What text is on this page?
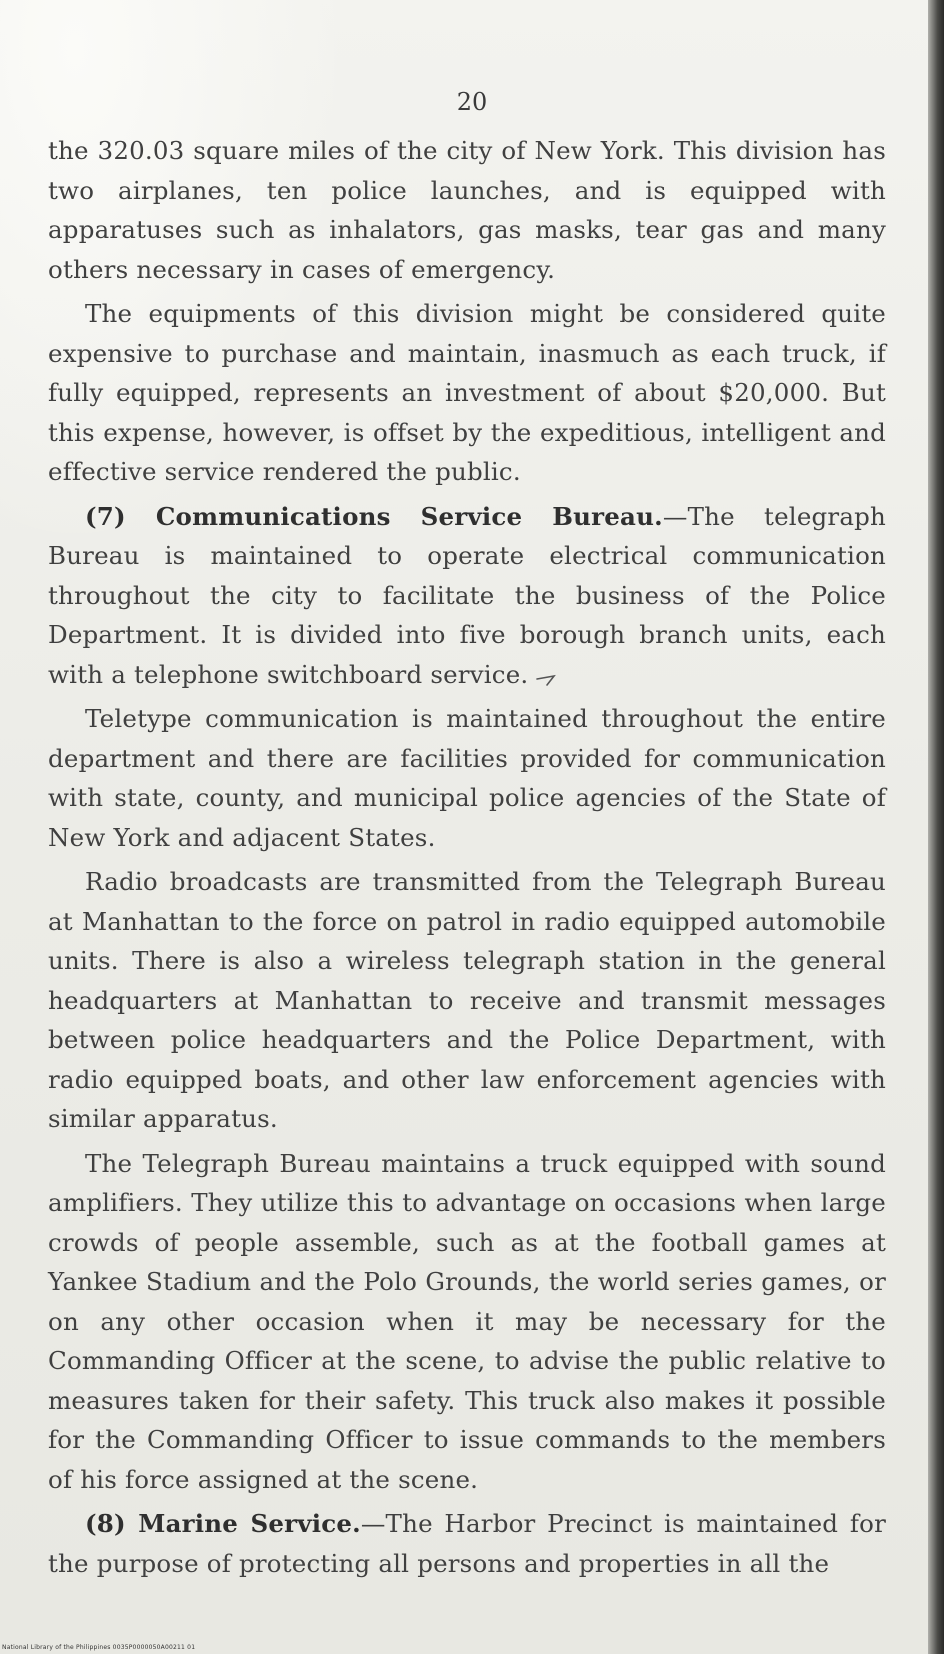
20

the 320.03 square miles of the city of New York. This division has two airplanes, ten police launches, and is equipped with apparatuses such as inhalators, gas masks, tear gas and many others necessary in cases of emergency.

The equipments of this division might be considered quite expensive to purchase and maintain, inasmuch as each truck, if fully equipped, represents an investment of about $20,000. But this expense, however, is offset by the expeditious, intelligent and effective service rendered the public.

(7) Communications Service Bureau.—The telegraph Bureau is maintained to operate electrical communication throughout the city to facilitate the business of the Police Department. It is divided into five borough branch units, each with a telephone switchboard service.

Teletype communication is maintained throughout the entire department and there are facilities provided for communication with state, county, and municipal police agencies of the State of New York and adjacent States.

Radio broadcasts are transmitted from the Telegraph Bureau at Manhattan to the force on patrol in radio equipped automobile units. There is also a wireless telegraph station in the general headquarters at Manhattan to receive and transmit messages between police headquarters and the Police Department, with radio equipped boats, and other law enforcement agencies with similar apparatus.

The Telegraph Bureau maintains a truck equipped with sound amplifiers. They utilize this to advantage on occasions when large crowds of people assemble, such as at the football games at Yankee Stadium and the Polo Grounds, the world series games, or on any other occasion when it may be necessary for the Commanding Officer at the scene, to advise the public relative to measures taken for their safety. This truck also makes it possible for the Commanding Officer to issue commands to the members of his force assigned at the scene.

(8) Marine Service.—The Harbor Precinct is maintained for the purpose of protecting all persons and properties in all the

National Library of the Philippines 0035P0000050A00211 01
